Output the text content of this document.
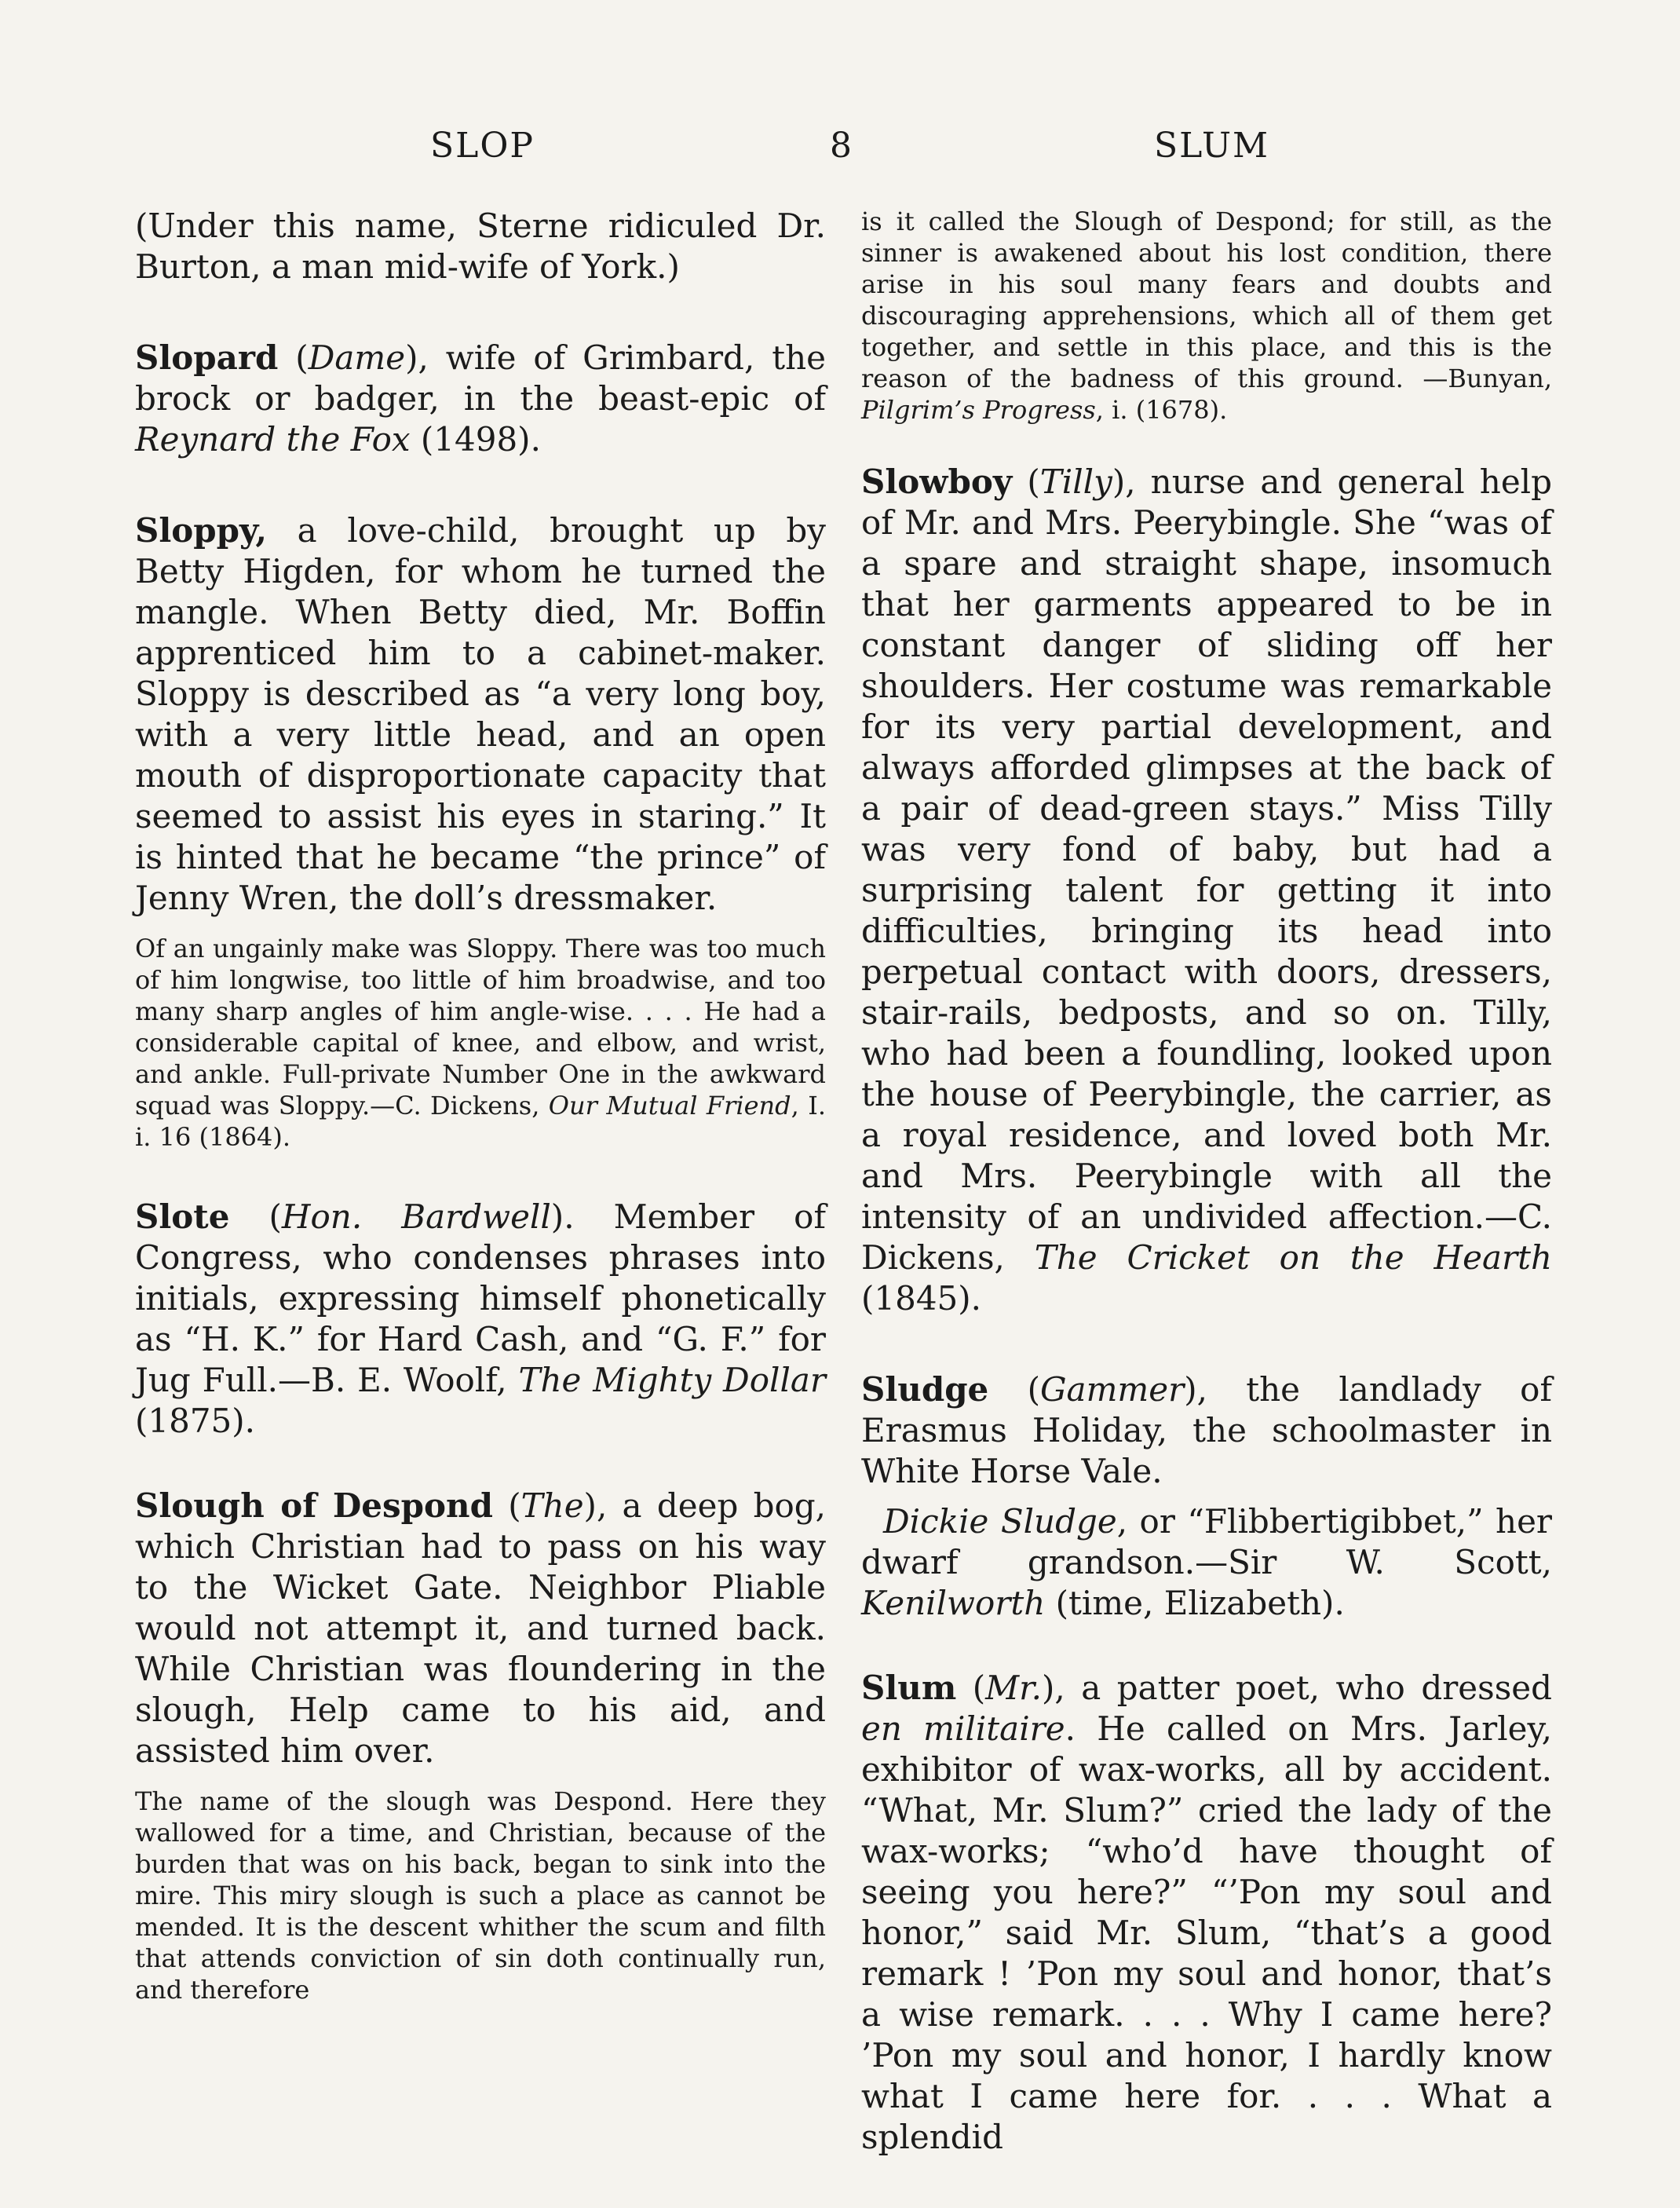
SLOP	8	SLUM

(Under this name, Sterne ridiculed Dr. Burton, a man mid-wife of York.)

Slopard (Dame), wife of Grimbard, the brock or badger, in the beast-epic of Reynard the Fox (1498).

Sloppy, a love-child, brought up by Betty Higden, for whom he turned the mangle. When Betty died, Mr. Boffin apprenticed him to a cabinet-maker. Sloppy is described as “a very long boy, with a very little head, and an open mouth of disproportionate capacity that seemed to assist his eyes in staring.” It is hinted that he became “the prince” of Jenny Wren, the doll’s dressmaker.

Of an ungainly make was Sloppy. There was too much of him longwise, too little of him broadwise, and too many sharp angles of him angle-wise. . . . He had a considerable capital of knee, and elbow, and wrist, and ankle. Full-private Number One in the awkward squad was Sloppy.—C. Dickens, Our Mutual Friend, I. i. 16 (1864).

Slote (Hon. Bardwell). Member of Congress, who condenses phrases into initials, expressing himself phonetically as “H. K.” for Hard Cash, and “G. F.” for Jug Full.—B. E. Woolf, The Mighty Dollar (1875).

Slough of Despond (The), a deep bog, which Christian had to pass on his way to the Wicket Gate. Neighbor Pliable would not attempt it, and turned back. While Christian was floundering in the slough, Help came to his aid, and assisted him over.

The name of the slough was Despond. Here they wallowed for a time, and Christian, because of the burden that was on his back, began to sink into the mire. This miry slough is such a place as cannot be mended. It is the descent whither the scum and filth that attends conviction of sin doth continually run, and therefore

is it called the Slough of Despond; for still, as the sinner is awakened about his lost condition, there arise in his soul many fears and doubts and discouraging apprehensions, which all of them get together, and settle in this place, and this is the reason of the badness of this ground. —Bunyan, Pilgrim’s Progress, i. (1678).

Slowboy (Tilly), nurse and general help of Mr. and Mrs. Peerybingle. She “was of a spare and straight shape, insomuch that her garments appeared to be in constant danger of sliding off her shoulders. Her costume was remarkable for its very partial development, and always afforded glimpses at the back of a pair of dead-green stays.” Miss Tilly was very fond of baby, but had a surprising talent for getting it into difficulties, bringing its head into perpetual contact with doors, dressers, stair-rails, bedposts, and so on. Tilly, who had been a foundling, looked upon the house of Peerybingle, the carrier, as a royal residence, and loved both Mr. and Mrs. Peerybingle with all the intensity of an undivided affection.—C. Dickens, The Cricket on the Hearth (1845).

Sludge (Gammer), the landlady of Erasmus Holiday, the schoolmaster in White Horse Vale.

Dickie Sludge, or “Flibbertigibbet,” her dwarf grandson.—Sir W. Scott, Kenilworth (time, Elizabeth).

Slum (Mr.), a patter poet, who dressed en militaire. He called on Mrs. Jarley, exhibitor of wax-works, all by accident. “What, Mr. Slum?” cried the lady of the wax-works; “who’d have thought of seeing you here?” “’Pon my soul and honor,” said Mr. Slum, “that’s a good remark ! ’Pon my soul and honor, that’s a wise remark. . . . Why I came here? ’Pon my soul and honor, I hardly know what I came here for. . . . What a splendid
